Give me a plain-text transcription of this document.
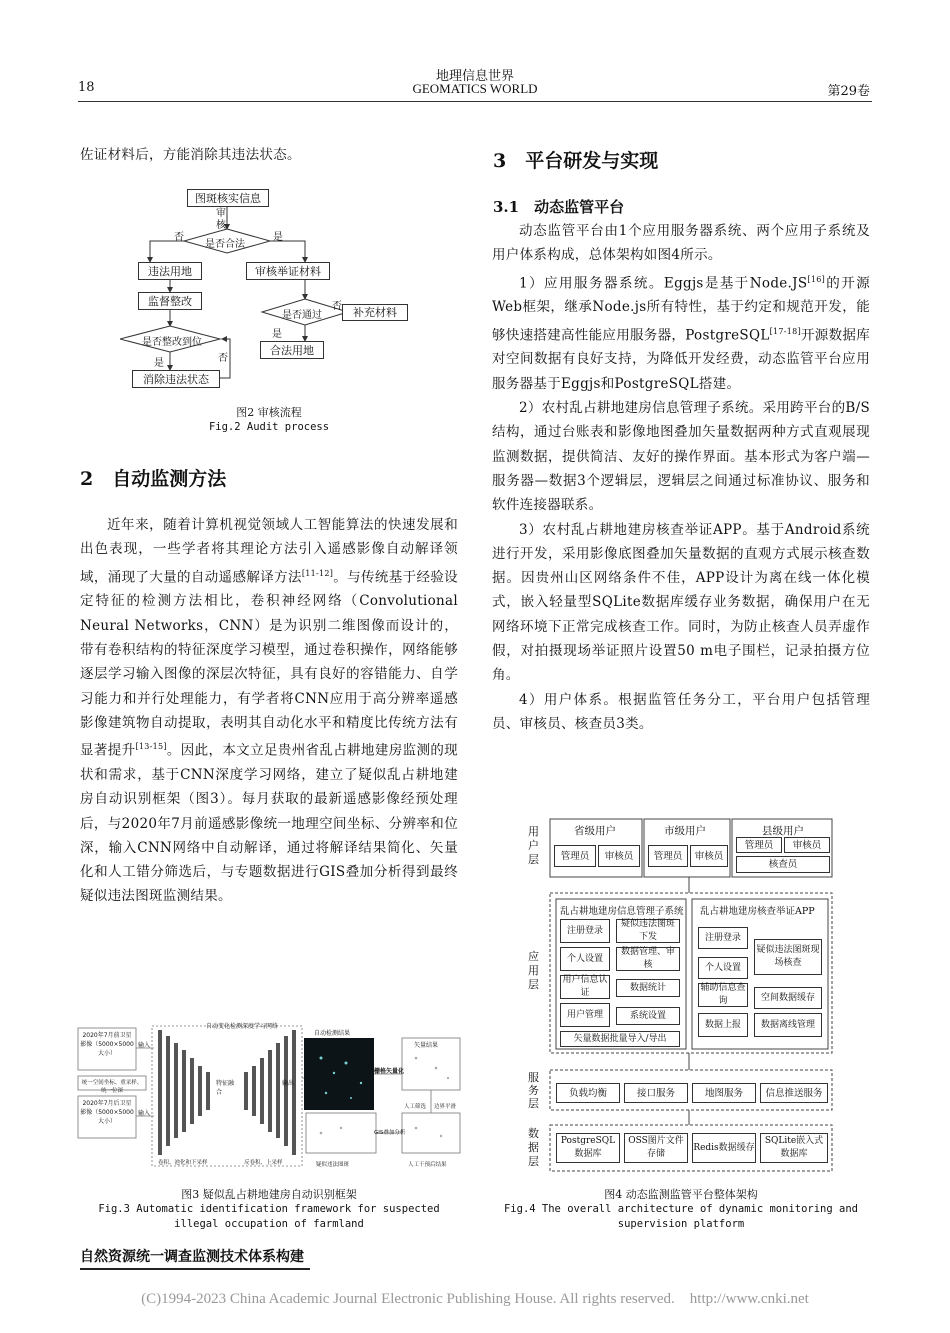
18
地理信息世界
GEOMATICS WORLD	第29卷

佐证材料后，方能消除其违法状态。

图斑核实信息
审
核
是否合法
否	是
违法用地	审核举证材料
监督整改
是否通过
否	补充材料
是
是否整改到位
是	否
合法用地
消除违法状态
图2 审核流程
Fig.2 Audit process
2　自动监测方法

近年来，随着计算机视觉领域人工智能算法的快速发展和出色表现，一些学者将其理论方法引入遥感影像自动解译领域，涌现了大量的自动遥感解译方法[11-12]。与传统基于经验设定特征的检测方法相比，卷积神经网络（Convolutional Neural Networks，CNN）是为识别二维图像而设计的，带有卷积结构的特征深度学习模型，通过卷积操作，网络能够逐层学习输入图像的深层次特征，具有良好的容错能力、自学习能力和并行处理能力，有学者将CNN应用于高分辨率遥感影像建筑物自动提取，表明其自动化水平和精度比传统方法有显著提升[13-15]。因此，本文立足贵州省乱占耕地建房监测的现状和需求，基于CNN深度学习网络，建立了疑似乱占耕地建房自动识别框架（图3）。每月获取的最新遥感影像经预处理后，与2020年7月前遥感影像统一地理空间坐标、分辨率和位深，输入CNN网络中自动解译，通过将解译结果简化、矢量化和人工错分筛选后，与专题数据进行GIS叠加分析得到最终疑似违法图斑监测结果。

2020年7月前卫星影像（5000×5000大小）
2020年7月后卫星影像（5000×5000大小）
统一空间坐标、重采样、统一位深
输入
输入
自动变化检测深度学习网络
特征融合
输出
卷积、池化和下采样	反卷积、上采样
自动检测结果
栅格矢量化
矢量结果
人工筛选 边界平滑
GIS叠加分析
疑似违法图斑	人工干预后结果
图3 疑似乱占耕地建房自动识别框架
Fig.3 Automatic identification framework for suspected
illegal occupation of farmland
自然资源统一调查监测技术体系构建
3　平台研发与实现
3.1　动态监管平台

动态监管平台由1个应用服务器系统、两个应用子系统及用户体系构成，总体架构如图4所示。

1）应用服务器系统。Eggjs是基于Node.JS[16]的开源Web框架，继承Node.js所有特性，基于约定和规范开发，能够快速搭建高性能应用服务器，PostgreSQL[17-18]开源数据库对空间数据有良好支持，为降低开发经费，动态监管平台应用服务器基于Eggjs和PostgreSQL搭建。

2）农村乱占耕地建房信息管理子系统。采用跨平台的B/S结构，通过台账表和影像地图叠加矢量数据两种方式直观展现监测数据，提供简洁、友好的操作界面。基本形式为客户端—服务器—数据3个逻辑层，逻辑层之间通过标准协议、服务和软件连接器联系。

3）农村乱占耕地建房核查举证APP。基于Android系统进行开发，采用影像底图叠加矢量数据的直观方式展示核查数据。因贵州山区网络条件不佳，APP设计为离在线一体化模式，嵌入轻量型SQLite数据库缓存业务数据，确保用户在无网络环境下正常完成核查工作。同时，为防止核查人员弄虚作假，对拍摄现场举证照片设置50 m电子围栏，记录拍摄方位角。

4）用户体系。根据监管任务分工，平台用户包括管理员、审核员、核查员3类。

用
户
层
应
用
层
服
务
层
数
据
层
省级用户
管理员	审核员
市级用户
管理员	审核员
县级用户
管理员	审核员
核查员
乱占耕地建房信息管理子系统
注册登录
疑似违法图斑下发
个人设置
数据管理、审核
用户信息认证
数据统计
用户管理	系统设置
矢量数据批量导入/导出
乱占耕地建房核查举证APP
注册登录
疑似违法图斑现场核查
个人设置
辅助信息查询	空间数据缓存
数据上报	数据离线管理
负载均衡	接口服务	地图服务	信息推送服务
PostgreSQL数据库
OSS图片文件存储
Redis数据缓存
SQLite嵌入式数据库
图4 动态监测监管平台整体架构
Fig.4 The overall architecture of dynamic monitoring and
supervision platform
(C)1994-2023 China Academic Journal Electronic Publishing House. All rights reserved.　http://www.cnki.net
